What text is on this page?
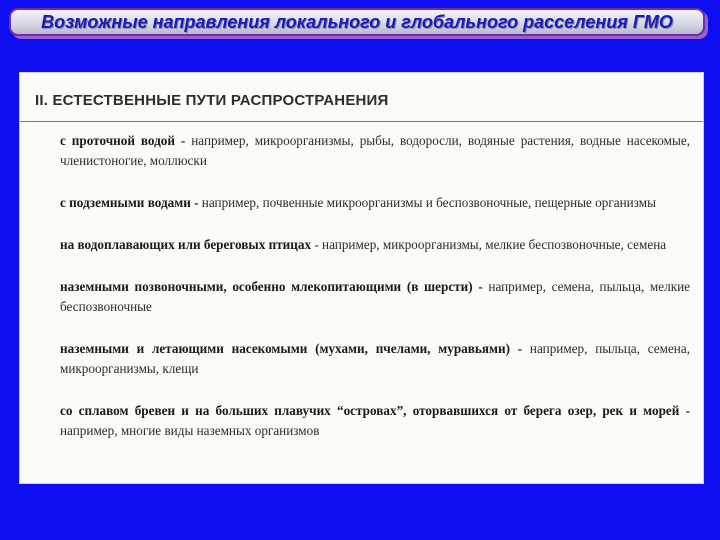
Возможные направления локального и глобального расселения ГМО
II. ЕСТЕСТВЕННЫЕ ПУТИ РАСПРОСТРАНЕНИЯ
с проточной водой - например, микроорганизмы, рыбы, водоросли, водяные растения, водные насекомые, членистоногие, моллюски
с подземными водами - например, почвенные микроорганизмы и беспозвоночные, пещерные организмы
на водоплавающих или береговых птицах - например, микроорганизмы, мелкие беспозвоночные, семена
наземными позвоночными, особенно млекопитающими (в шерсти) - например, семена, пыльца, мелкие беспозвоночные
наземными и летающими насекомыми (мухами, пчелами, муравьями) - например, пыльца, семена, микроорганизмы, клещи
со сплавом бревен и на больших плавучих “островах”, оторвавшихся от берега озер, рек и морей - например, многие виды наземных организмов
